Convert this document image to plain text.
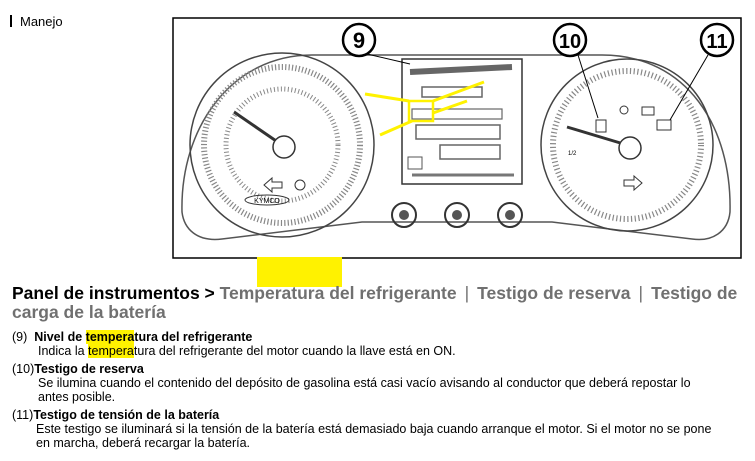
Manejo
KYMCO
1/2
9	10	11
Panel de instrumentos > Temperatura del refrigerante | Testigo de reserva | Testigo de carga de la batería
(9) Nivel de temperatura del refrigerante
Indica la temperatura del refrigerante del motor cuando la llave está en ON.
(10)Testigo de reserva
Se ilumina cuando el contenido del depósito de gasolina está casi vacío avisando al conductor que deberá repostar lo
antes posible.
(11)Testigo de tensión de la batería
Este testigo se iluminará si la tensión de la batería está demasiado baja cuando arranque el motor. Si el motor no se pone
en marcha, deberá recargar la batería.
